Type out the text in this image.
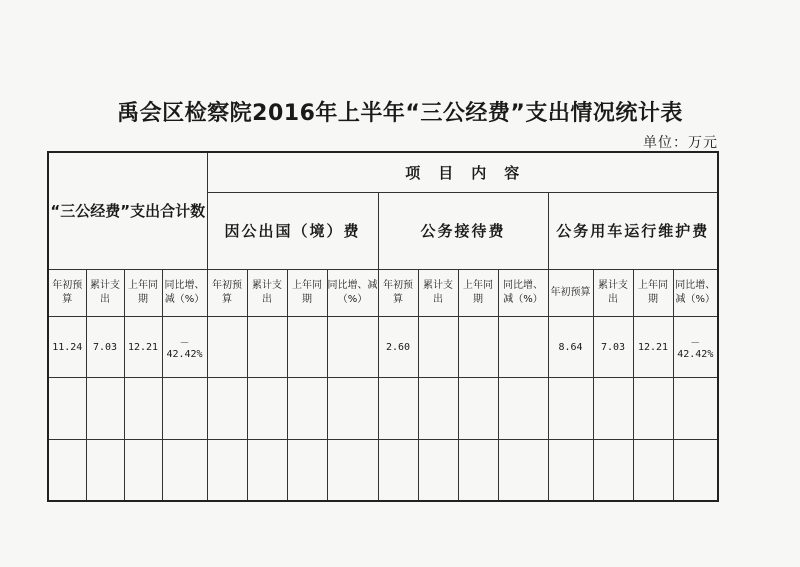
禹会区检察院2016年上半年“三公经费”支出情况统计表
单位：万元
“三公经费”支出合计数				项目内容											
				因公出国（境）费				公务接待费				公务用车运行维护费			
年初预算	累计支出	上年同期	同比增、减（%）	年初预算	累计支出	上年同期	同比增、减（%）	年初预算	累计支出	上年同期	同比增、减（%）	年初预算	累计支出	上年同期	同比增、减（%）
11.24	7.03	12.21	－42.42%					2.60				8.64	7.03	12.21	－42.42%
